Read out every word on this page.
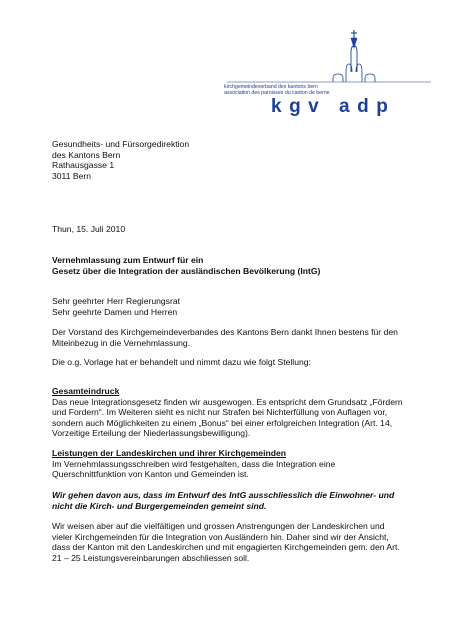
kirchgemeindeverband des kantons bern
association des paroisses du canton de berne
kgv adp

Gesundheits- und Fürsorgedirektion

des Kantons Bern

Rathausgasse 1

3011 Bern

Thun, 15. Juli 2010

Vernehmlassung zum Entwurf für ein

Gesetz über die Integration der ausländischen Bevölkerung (IntG)

Sehr geehrter Herr Regierungsrat

Sehr geehrte Damen und Herren

Der Vorstand des Kirchgemeindeverbandes des Kantons Bern dankt Ihnen bestens für den

Miteinbezug in die Vernehmlassung.

Die o.g. Vorlage hat er behandelt und nimmt dazu wie folgt Stellung:

Gesamteindruck

Das neue Integrationsgesetz finden wir ausgewogen. Es entspricht dem Grundsatz „Fördern

und Fordern“. Im Weiteren sieht es nicht nur Strafen bei Nichterfüllung von Auflagen vor,

sondern auch Möglichkeiten zu einem „Bonus“ bei einer erfolgreichen Integration (Art. 14,

Vorzeitige Erteilung der Niederlassungsbewilligung).

Leistungen der Landeskirchen und ihrer Kirchgemeinden

Im Vernehmlassungsschreiben wird festgehalten, dass die Integration eine

Querschnittfunktion von Kanton und Gemeinden ist.

Wir gehen davon aus, dass im Entwurf des IntG ausschliesslich die Einwohner- und

nicht die Kirch- und Burgergemeinden gemeint sind.

Wir weisen aber auf die vielfältigen und grossen Anstrengungen der Landeskirchen und

vieler Kirchgemeinden für die Integration von Ausländern hin. Daher sind wir der Ansicht,

dass der Kanton mit den Landeskirchen und mit engagierten Kirchgemeinden gem. den Art.

21 – 25 Leistungsvereinbarungen abschliessen soll.
